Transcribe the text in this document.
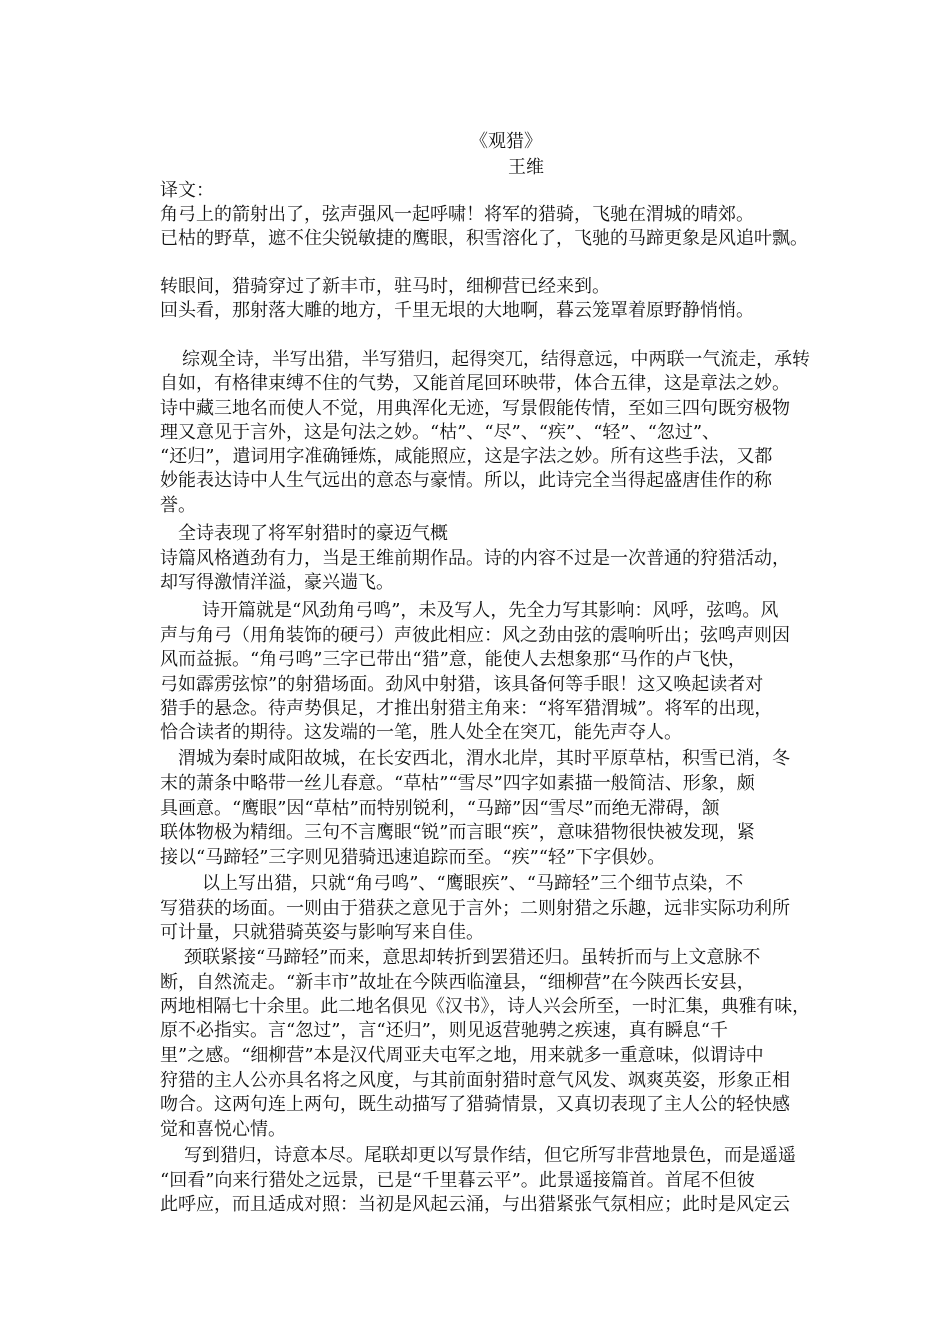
《观猎》
王维
译文：
角弓上的箭射出了，弦声强风一起呼啸！将军的猎骑，飞驰在渭城的晴郊。
已枯的野草，遮不住尖锐敏捷的鹰眼，积雪溶化了，飞驰的马蹄更象是风追叶飘。
转眼间，猎骑穿过了新丰市，驻马时，细柳营已经来到。
回头看，那射落大雕的地方，千里无垠的大地啊，暮云笼罩着原野静悄悄。
综观全诗，半写出猎，半写猎归，起得突兀，结得意远，中两联一气流走，承转
自如，有格律束缚不住的气势，又能首尾回环映带，体合五律，这是章法之妙。
诗中藏三地名而使人不觉，用典浑化无迹，写景假能传情，至如三四句既穷极物
理又意见于言外，这是句法之妙。“枯”、“尽”、“疾”、“轻”、“忽过”、
“还归”，遣词用字准确锤炼，咸能照应，这是字法之妙。所有这些手法，又都
妙能表达诗中人生气远出的意态与豪情。所以，此诗完全当得起盛唐佳作的称
誉。
全诗表现了将军射猎时的豪迈气概
诗篇风格遒劲有力，当是王维前期作品。诗的内容不过是一次普通的狩猎活动，
却写得激情洋溢，豪兴遄飞。
诗开篇就是“风劲角弓鸣”，未及写人，先全力写其影响：风呼，弦鸣。风
声与角弓（用角装饰的硬弓）声彼此相应：风之劲由弦的震响听出；弦鸣声则因
风而益振。“角弓鸣”三字已带出“猎”意，能使人去想象那“马作的卢飞快，
弓如霹雳弦惊”的射猎场面。劲风中射猎，该具备何等手眼！这又唤起读者对
猎手的悬念。待声势俱足，才推出射猎主角来：“将军猎渭城”。将军的出现，
恰合读者的期待。这发端的一笔，胜人处全在突兀，能先声夺人。
渭城为秦时咸阳故城，在长安西北，渭水北岸，其时平原草枯，积雪已消，冬
末的萧条中略带一丝儿春意。“草枯”“雪尽”四字如素描一般简洁、形象，颇
具画意。“鹰眼”因“草枯”而特别锐利，“马蹄”因“雪尽”而绝无滞碍，颔
联体物极为精细。三句不言鹰眼“锐”而言眼“疾”，意味猎物很快被发现，紧
接以“马蹄轻”三字则见猎骑迅速追踪而至。“疾”“轻”下字俱妙。
以上写出猎，只就“角弓鸣”、“鹰眼疾”、“马蹄轻”三个细节点染，不
写猎获的场面。一则由于猎获之意见于言外；二则射猎之乐趣，远非实际功利所
可计量，只就猎骑英姿与影响写来自佳。
颈联紧接“马蹄轻”而来，意思却转折到罢猎还归。虽转折而与上文意脉不
断，自然流走。“新丰市”故址在今陕西临潼县，“细柳营”在今陕西长安县，
两地相隔七十余里。此二地名俱见《汉书》，诗人兴会所至，一时汇集，典雅有味，
原不必指实。言“忽过”，言“还归”，则见返营驰骋之疾速，真有瞬息“千
里”之感。“细柳营”本是汉代周亚夫屯军之地，用来就多一重意味，似谓诗中
狩猎的主人公亦具名将之风度，与其前面射猎时意气风发、飒爽英姿，形象正相
吻合。这两句连上两句，既生动描写了猎骑情景，又真切表现了主人公的轻快感
觉和喜悦心情。
写到猎归，诗意本尽。尾联却更以写景作结，但它所写非营地景色，而是遥遥
“回看”向来行猎处之远景，已是“千里暮云平”。此景遥接篇首。首尾不但彼
此呼应，而且适成对照：当初是风起云涌，与出猎紧张气氛相应；此时是风定云
